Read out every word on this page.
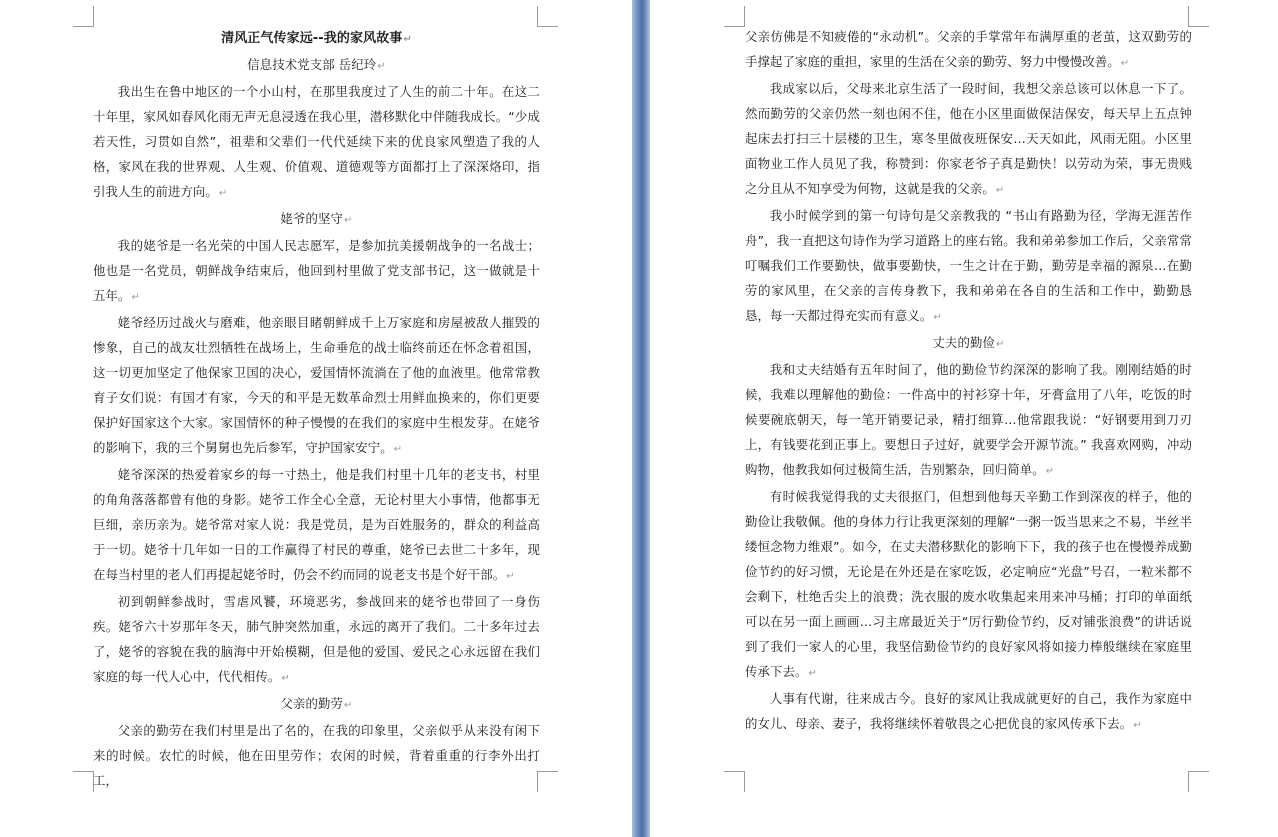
清风正气传家远--我的家风故事↵

信息技术党支部 岳纪玲↵

我出生在鲁中地区的一个小山村，在那里我度过了人生的前二十年。在这二十年里，家风如春风化雨无声无息浸透在我心里，潜移默化中伴随我成长。“少成若天性，习贯如自然”，祖辈和父辈们一代代延续下来的优良家风塑造了我的人格，家风在我的世界观、人生观、价值观、道德观等方面都打上了深深烙印，指引我人生的前进方向。↵

姥爷的坚守↵

我的姥爷是一名光荣的中国人民志愿军，是参加抗美援朝战争的一名战士；他也是一名党员，朝鲜战争结束后，他回到村里做了党支部书记，这一做就是十五年。↵

姥爷经历过战火与磨难，他亲眼目睹朝鲜成千上万家庭和房屋被敌人摧毁的惨象，自己的战友壮烈牺牲在战场上，生命垂危的战士临终前还在怀念着祖国，这一切更加坚定了他保家卫国的决心，爱国情怀流淌在了他的血液里。他常常教育子女们说：有国才有家，今天的和平是无数革命烈士用鲜血换来的，你们更要保护好国家这个大家。家国情怀的种子慢慢的在我们的家庭中生根发芽。在姥爷的影响下，我的三个舅舅也先后参军，守护国家安宁。↵

姥爷深深的热爱着家乡的每一寸热土，他是我们村里十几年的老支书，村里的角角落落都曾有他的身影。姥爷工作全心全意，无论村里大小事情，他都事无巨细，亲历亲为。姥爷常对家人说：我是党员，是为百姓服务的，群众的利益高于一切。姥爷十几年如一日的工作赢得了村民的尊重，姥爷已去世二十多年，现在每当村里的老人们再提起姥爷时，仍会不约而同的说老支书是个好干部。↵

初到朝鲜参战时，雪虐风饕，环境恶劣，参战回来的姥爷也带回了一身伤疾。姥爷六十岁那年冬天，肺气肿突然加重，永远的离开了我们。二十多年过去了，姥爷的容貌在我的脑海中开始模糊，但是他的爱国、爱民之心永远留在我们家庭的每一代人心中，代代相传。↵

父亲的勤劳↵

父亲的勤劳在我们村里是出了名的，在我的印象里，父亲似乎从来没有闲下来的时候。农忙的时候，他在田里劳作；农闲的时候，背着重重的行李外出打工，

父亲仿佛是不知疲倦的“永动机”。父亲的手掌常年布满厚重的老茧，这双勤劳的手撑起了家庭的重担，家里的生活在父亲的勤劳、努力中慢慢改善。↵

我成家以后，父母来北京生活了一段时间，我想父亲总该可以休息一下了。然而勤劳的父亲仍然一刻也闲不住，他在小区里面做保洁保安，每天早上五点钟起床去打扫三十层楼的卫生，寒冬里做夜班保安…天天如此，风雨无阻。小区里面物业工作人员见了我，称赞到：你家老爷子真是勤快！以劳动为荣，事无贵贱之分且从不知享受为何物，这就是我的父亲。↵

我小时候学到的第一句诗句是父亲教我的 “书山有路勤为径，学海无涯苦作舟”，我一直把这句诗作为学习道路上的座右铭。我和弟弟参加工作后，父亲常常叮嘱我们工作要勤快，做事要勤快，一生之计在于勤，勤劳是幸福的源泉…在勤劳的家风里，在父亲的言传身教下，我和弟弟在各自的生活和工作中，勤勤恳恳，每一天都过得充实而有意义。↵

丈夫的勤俭↵

我和丈夫结婚有五年时间了，他的勤俭节约深深的影响了我。刚刚结婚的时候，我难以理解他的勤俭：一件高中的衬衫穿十年，牙膏盒用了八年，吃饭的时候要碗底朝天，每一笔开销要记录，精打细算…他常跟我说：“好钢要用到刀刃上，有钱要花到正事上。要想日子过好，就要学会开源节流。” 我喜欢网购，冲动购物，他教我如何过极简生活，告别繁杂，回归简单。↵

有时候我觉得我的丈夫很抠门，但想到他每天辛勤工作到深夜的样子，他的勤俭让我敬佩。他的身体力行让我更深刻的理解“一粥一饭当思来之不易，半丝半缕恒念物力维艰”。如今，在丈夫潜移默化的影响下下，我的孩子也在慢慢养成勤俭节约的好习惯，无论是在外还是在家吃饭，必定响应“光盘”号召，一粒米都不会剩下，杜绝舌尖上的浪费；洗衣服的废水收集起来用来冲马桶；打印的单面纸可以在另一面上画画…习主席最近关于“厉行勤俭节约，反对铺张浪费”的讲话说到了我们一家人的心里，我坚信勤俭节约的良好家风将如接力棒般继续在家庭里传承下去。↵

人事有代谢，往来成古今。良好的家风让我成就更好的自己，我作为家庭中的女儿、母亲、妻子，我将继续怀着敬畏之心把优良的家风传承下去。↵
